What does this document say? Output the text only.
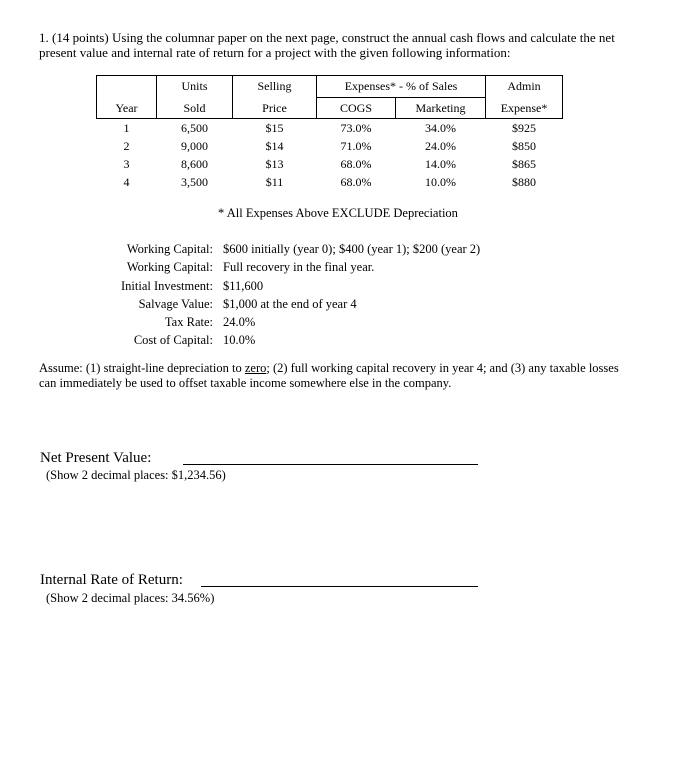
1. (14 points) Using the columnar paper on the next page, construct the annual cash flows and calculate the net present value and internal rate of return for a project with the given following information:
	Units	Selling	Expenses* - % of Sales		Admin
Year	Sold	Price	COGS	Marketing	Expense*
1	6,500	$15	73.0%	34.0%	$925
2	9,000	$14	71.0%	24.0%	$850
3	8,600	$13	68.0%	14.0%	$865
4	3,500	$11	68.0%	10.0%	$880
* All Expenses Above EXCLUDE Depreciation
Working Capital: $600 initially (year 0); $400 (year 1); $200 (year 2)
Working Capital: Full recovery in the final year.
Initial Investment: $11,600
Salvage Value: $1,000 at the end of year 4
Tax Rate: 24.0%
Cost of Capital: 10.0%
Assume: (1) straight-line depreciation to zero; (2) full working capital recovery in year 4; and (3) any taxable losses can immediately be used to offset taxable income somewhere else in the company.
Net Present Value:
(Show 2 decimal places: $1,234.56)
Internal Rate of Return:
(Show 2 decimal places: 34.56%)
